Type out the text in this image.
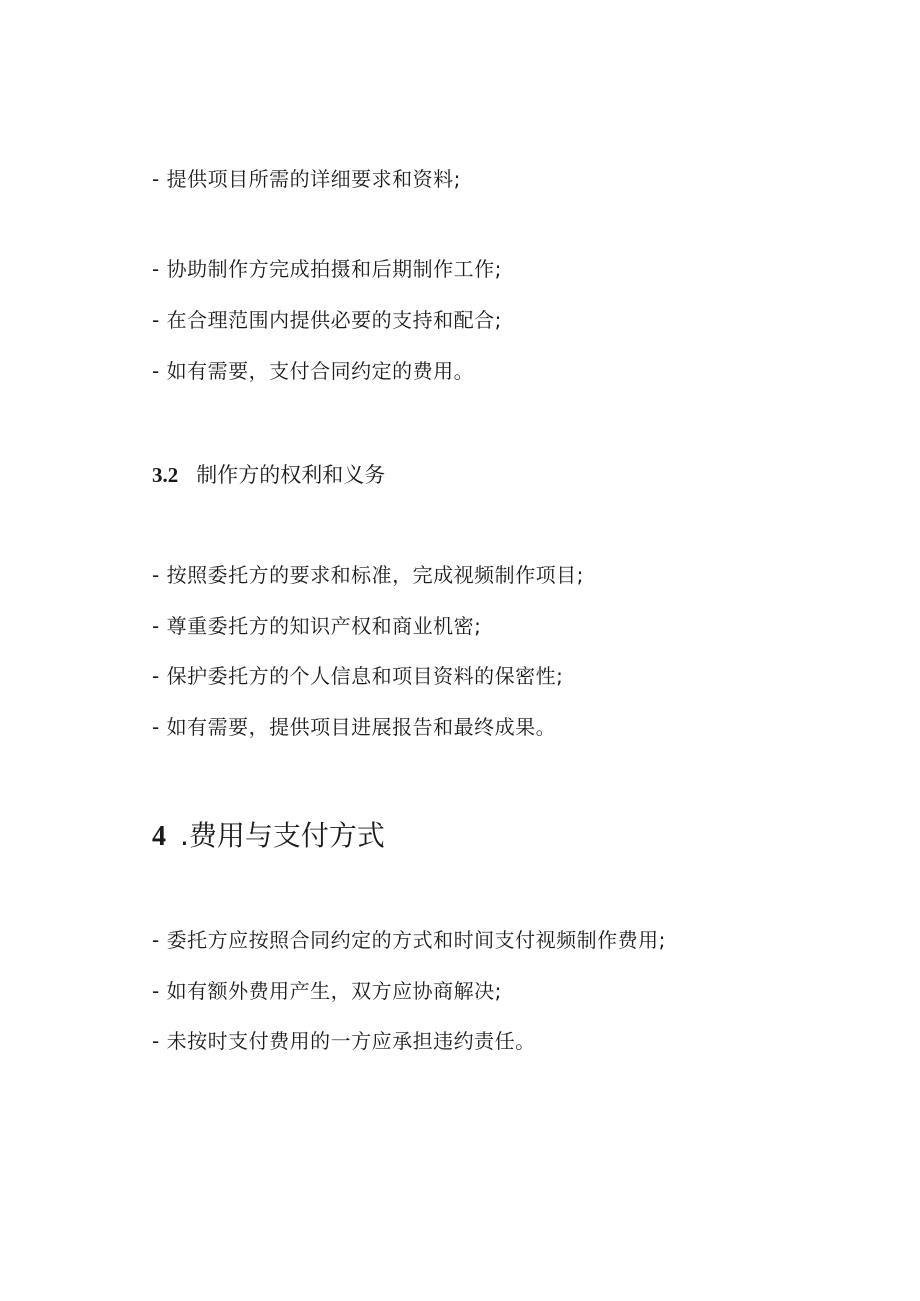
- 提供项目所需的详细要求和资料;
- 协助制作方完成拍摄和后期制作工作;
- 在合理范围内提供必要的支持和配合;
- 如有需要，支付合同约定的费用。
3.2 制作方的权利和义务
- 按照委托方的要求和标准，完成视频制作项目;
- 尊重委托方的知识产权和商业机密;
- 保护委托方的个人信息和项目资料的保密性;
- 如有需要，提供项目进展报告和最终成果。
4 .费用与支付方式
- 委托方应按照合同约定的方式和时间支付视频制作费用;
- 如有额外费用产生，双方应协商解决;
- 未按时支付费用的一方应承担违约责任。
